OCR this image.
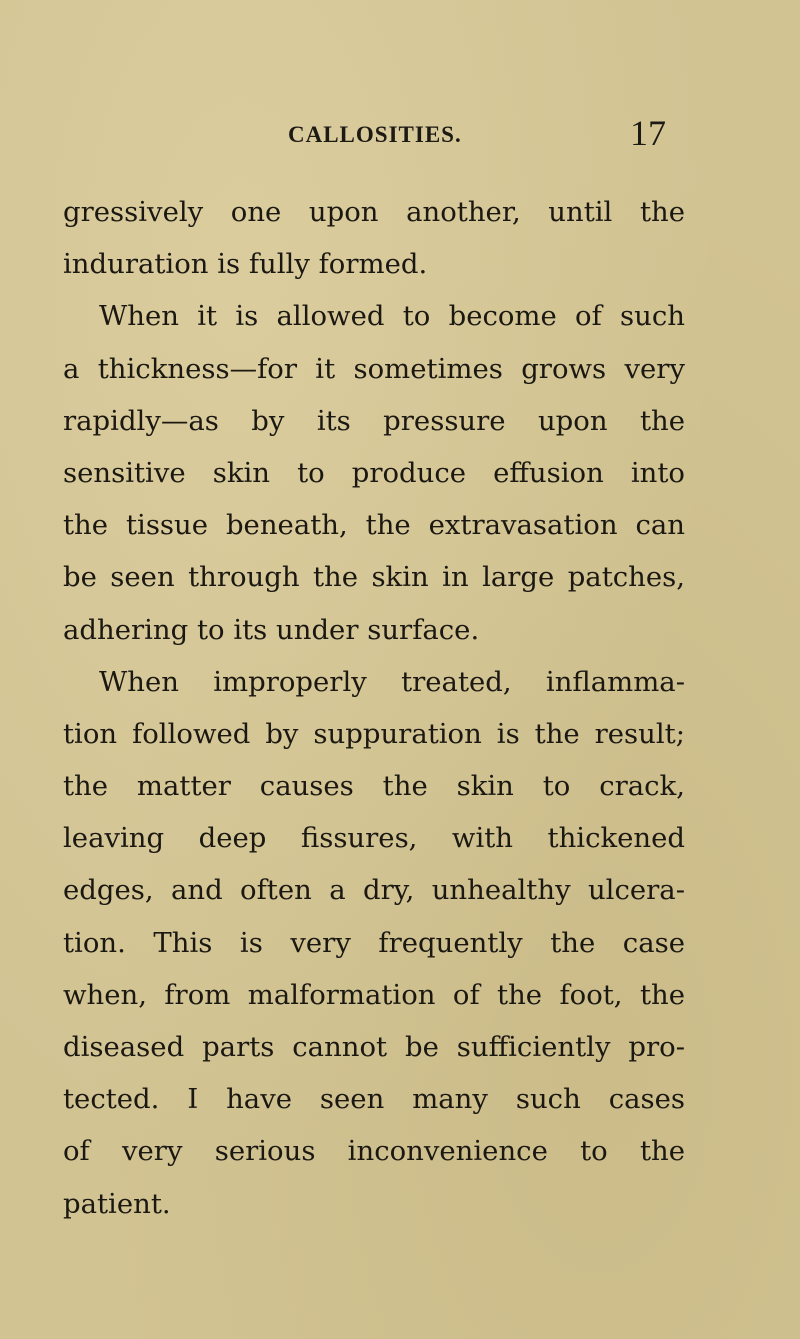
CALLOSITIES.	17
gressively one upon another, until the
induration is fully formed.
When it is allowed to become of such
a thickness—for it sometimes grows very
rapidly—as by its pressure upon the
sensitive skin to produce effusion into
the tissue beneath, the extravasation can
be seen through the skin in large patches,
adhering to its under surface.
When improperly treated, inflamma-
tion followed by suppuration is the result;
the matter causes the skin to crack,
leaving deep fissures, with thickened
edges, and often a dry, unhealthy ulcera-
tion. This is very frequently the case
when, from malformation of the foot, the
diseased parts cannot be sufficiently pro-
tected. I have seen many such cases
of very serious inconvenience to the
patient.
